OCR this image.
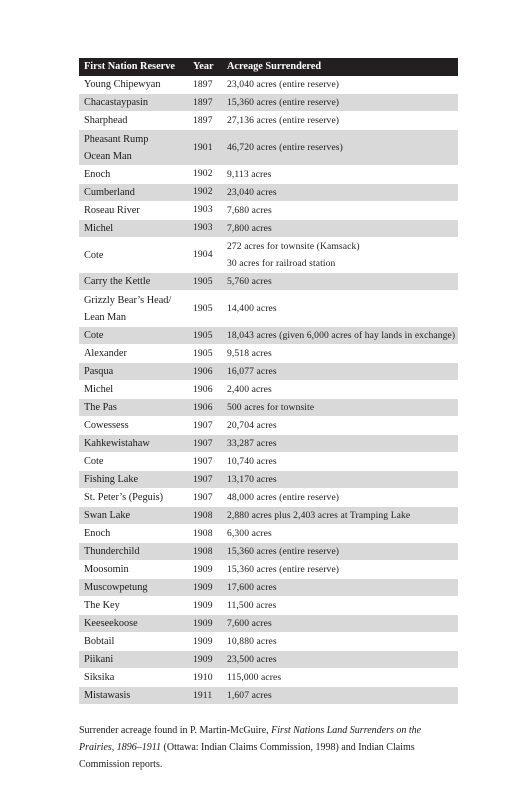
First Nation Reserve	Year	Acreage Surrendered

Young Chipewyan	1897	23,040 acres (entire reserve)

Chacastaypasin	1897	15,360 acres (entire reserve)

Sharphead	1897	27,136 acres (entire reserve)

Pheasant Rump
Ocean Man	1901	46,720 acres (entire reserves)

Enoch	1902	9,113 acres

Cumberland	1902	23,040 acres

Roseau River	1903	7,680 acres

Michel	1903	7,800 acres

Cote	1904	272 acres for townsite (Kamsack)
30 acres for railroad station

Carry the Kettle	1905	5,760 acres

Grizzly Bear’s Head/
Lean Man	1905	14,400 acres

Cote	1905	18,043 acres (given 6,000 acres of hay lands in exchange)

Alexander	1905	9,518 acres

Pasqua	1906	16,077 acres

Michel	1906	2,400 acres

The Pas	1906	500 acres for townsite

Cowessess	1907	20,704 acres

Kahkewistahaw	1907	33,287 acres

Cote	1907	10,740 acres

Fishing Lake	1907	13,170 acres

St. Peter’s (Peguis)	1907	48,000 acres (entire reserve)

Swan Lake	1908	2,880 acres plus 2,403 acres at Tramping Lake

Enoch	1908	6,300 acres

Thunderchild	1908	15,360 acres (entire reserve)

Moosomin	1909	15,360 acres (entire reserve)

Muscowpetung	1909	17,600 acres

The Key	1909	11,500 acres

Keeseekoose	1909	7,600 acres

Bobtail	1909	10,880 acres

Piikani	1909	23,500 acres

Siksika	1910	115,000 acres

Mistawasis	1911	1,607 acres

Surrender acreage found in P. Martin-McGuire, First Nations Land Surrenders on the Prairies, 1896–1911 (Ottawa: Indian Claims Commission, 1998) and Indian Claims Commission reports.
